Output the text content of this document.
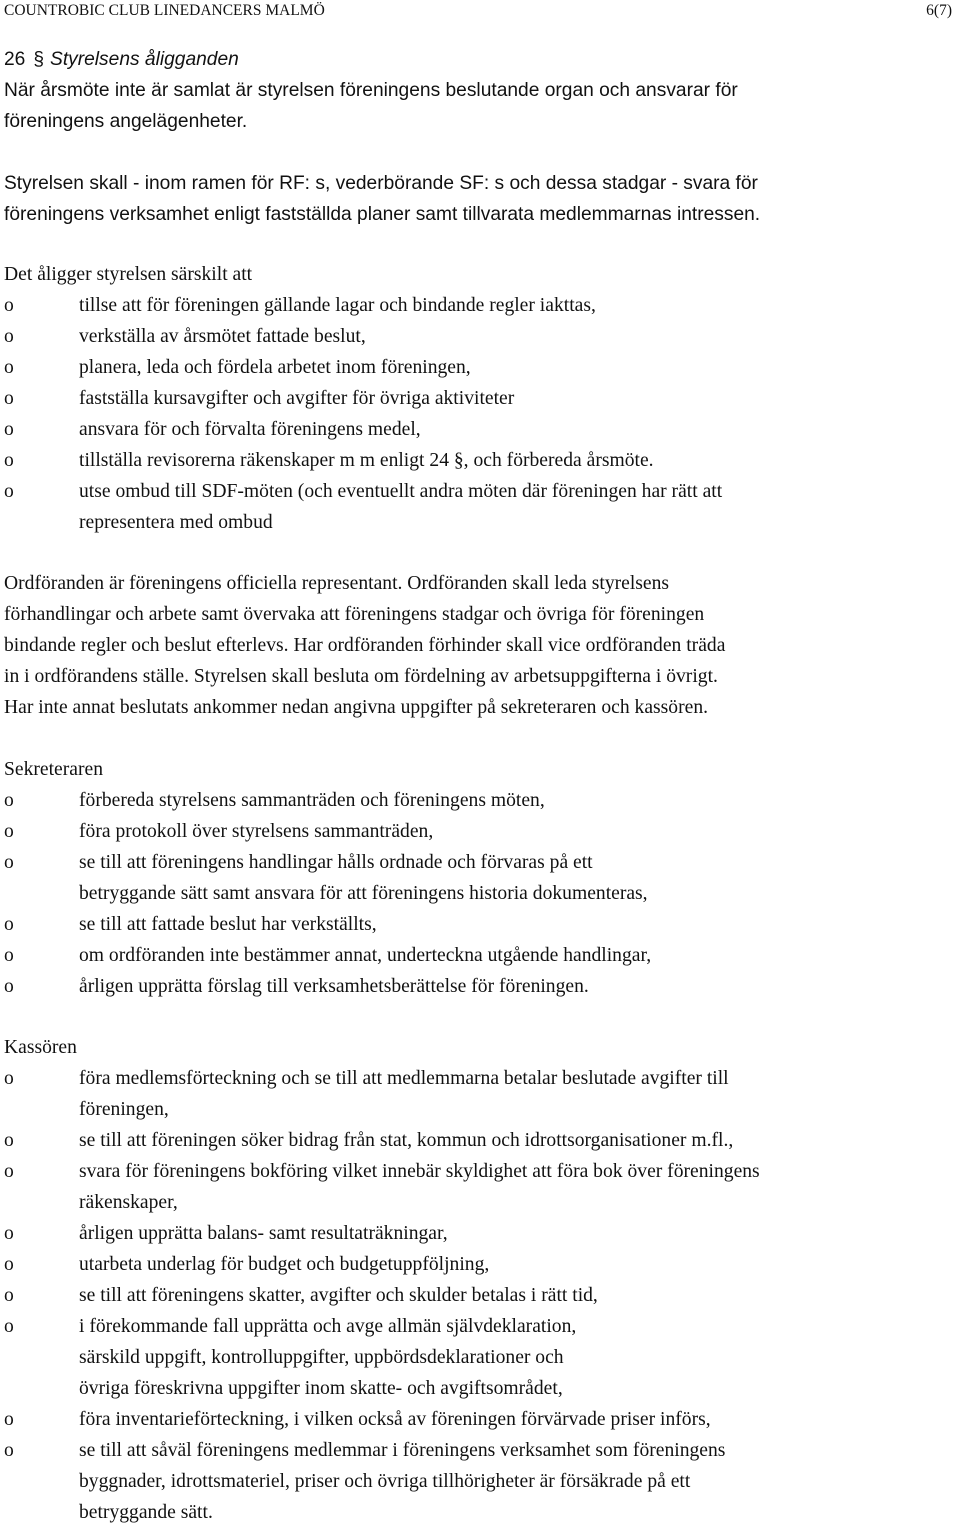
COUNTROBIC CLUB LINEDANCERS MALMÖ	6(7)
26 § Styrelsens åligganden
När årsmöte inte är samlat är styrelsen föreningens beslutande organ och ansvarar för
föreningens angelägenheter.
Styrelsen skall - inom ramen för RF: s, vederbörande SF: s och dessa stadgar - svara för
föreningens verksamhet enligt fastställda planer samt tillvarata medlemmarnas intressen.
Det åligger styrelsen särskilt att
o	tillse att för föreningen gällande lagar och bindande regler iakttas,
o	verkställa av årsmötet fattade beslut,
o	planera, leda och fördela arbetet inom föreningen,
o	fastställa kursavgifter och avgifter för övriga aktiviteter
o	ansvara för och förvalta föreningens medel,
o	tillställa revisorerna räkenskaper m m enligt 24 §, och förbereda årsmöte.
o	utse ombud till SDF-möten (och eventuellt andra möten där föreningen har rätt att
representera med ombud
Ordföranden är föreningens officiella representant. Ordföranden skall leda styrelsens
förhandlingar och arbete samt övervaka att föreningens stadgar och övriga för föreningen
bindande regler och beslut efterlevs. Har ordföranden förhinder skall vice ordföranden träda
in i ordförandens ställe. Styrelsen skall besluta om fördelning av arbetsuppgifterna i övrigt.
Har inte annat beslutats ankommer nedan angivna uppgifter på sekreteraren och kassören.
Sekreteraren
o	förbereda styrelsens sammanträden och föreningens möten,
o	föra protokoll över styrelsens sammanträden,
o	se till att föreningens handlingar hålls ordnade och förvaras på ett
betryggande sätt samt ansvara för att föreningens historia dokumenteras,
o	se till att fattade beslut har verkställts,
o	om ordföranden inte bestämmer annat, underteckna utgående handlingar,
o	årligen upprätta förslag till verksamhetsberättelse för föreningen.
Kassören
o	föra medlemsförteckning och se till att medlemmarna betalar beslutade avgifter till
föreningen,
o	se till att föreningen söker bidrag från stat, kommun och idrottsorganisationer m.fl.,
o	svara för föreningens bokföring vilket innebär skyldighet att föra bok över föreningens
räkenskaper,
o	årligen upprätta balans- samt resultaträkningar,
o	utarbeta underlag för budget och budgetuppföljning,
o	se till att föreningens skatter, avgifter och skulder betalas i rätt tid,
o	i förekommande fall upprätta och avge allmän självdeklaration,
särskild uppgift, kontrolluppgifter, uppbördsdeklarationer och
övriga föreskrivna uppgifter inom skatte- och avgiftsområdet,
o	föra inventarieförteckning, i vilken också av föreningen förvärvade priser införs,
o	se till att såväl föreningens medlemmar i föreningens verksamhet som föreningens
byggnader, idrottsmateriel, priser och övriga tillhörigheter är försäkrade på ett
betryggande sätt.
